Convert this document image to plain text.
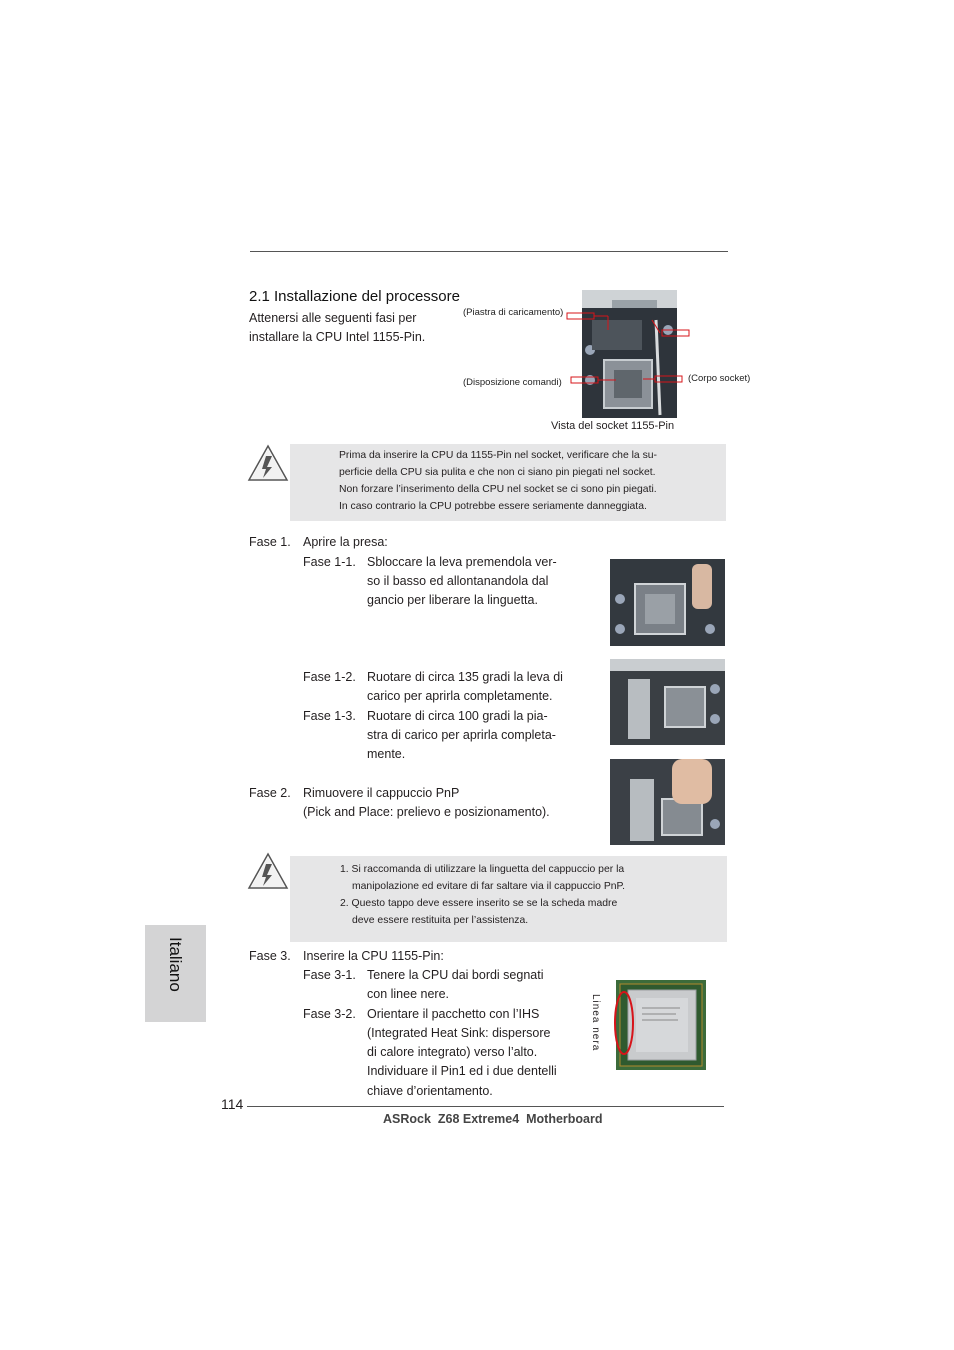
2.1 Installazione del processore
Attenersi alle seguenti fasi per
installare la CPU Intel 1155-Pin.
(Piastra di caricamento)
(Disposizione comandi)	(Corpo socket)
Vista del socket 1155-Pin
Prima da inserire la CPU da 1155-Pin nel socket, verificare che la su-
perficie della CPU sia pulita e che non ci siano pin piegati nel socket.
Non forzare l’inserimento della CPU nel socket se ci sono pin piegati.
In caso contrario la CPU potrebbe essere seriamente danneggiata.
Fase 1. Aprire la presa:
Fase 1-1. Sbloccare la leva premendola ver-
so il basso ed allontanandola dal
gancio per liberare la linguetta.
Fase 1-2. Ruotare di circa 135 gradi la leva di
carico per aprirla completamente.
Fase 1-3. Ruotare di circa 100 gradi la pia-
stra di carico per aprirla completa-
mente.
Fase 2. Rimuovere il cappuccio PnP
(Pick and Place: prelievo e posizionamento).
1. Si raccomanda di utilizzare la linguetta del cappuccio per la
manipolazione ed evitare di far saltare via il cappuccio PnP.
2. Questo tappo deve essere inserito se se la scheda madre
deve essere restituita per l’assistenza.
Italiano	Fase 3. Inserire la CPU 1155-Pin:
Fase 3-1. Tenere la CPU dai bordi segnati
con linee nere.
Fase 3-2. Orientare il pacchetto con l’IHS
(Integrated Heat Sink: dispersore
di calore integrato) verso l’alto.
Individuare il Pin1 ed i due dentelli
chiave d’orientamento.
Linea nera
114
ASRock  Z68 Extreme4  Motherboard
